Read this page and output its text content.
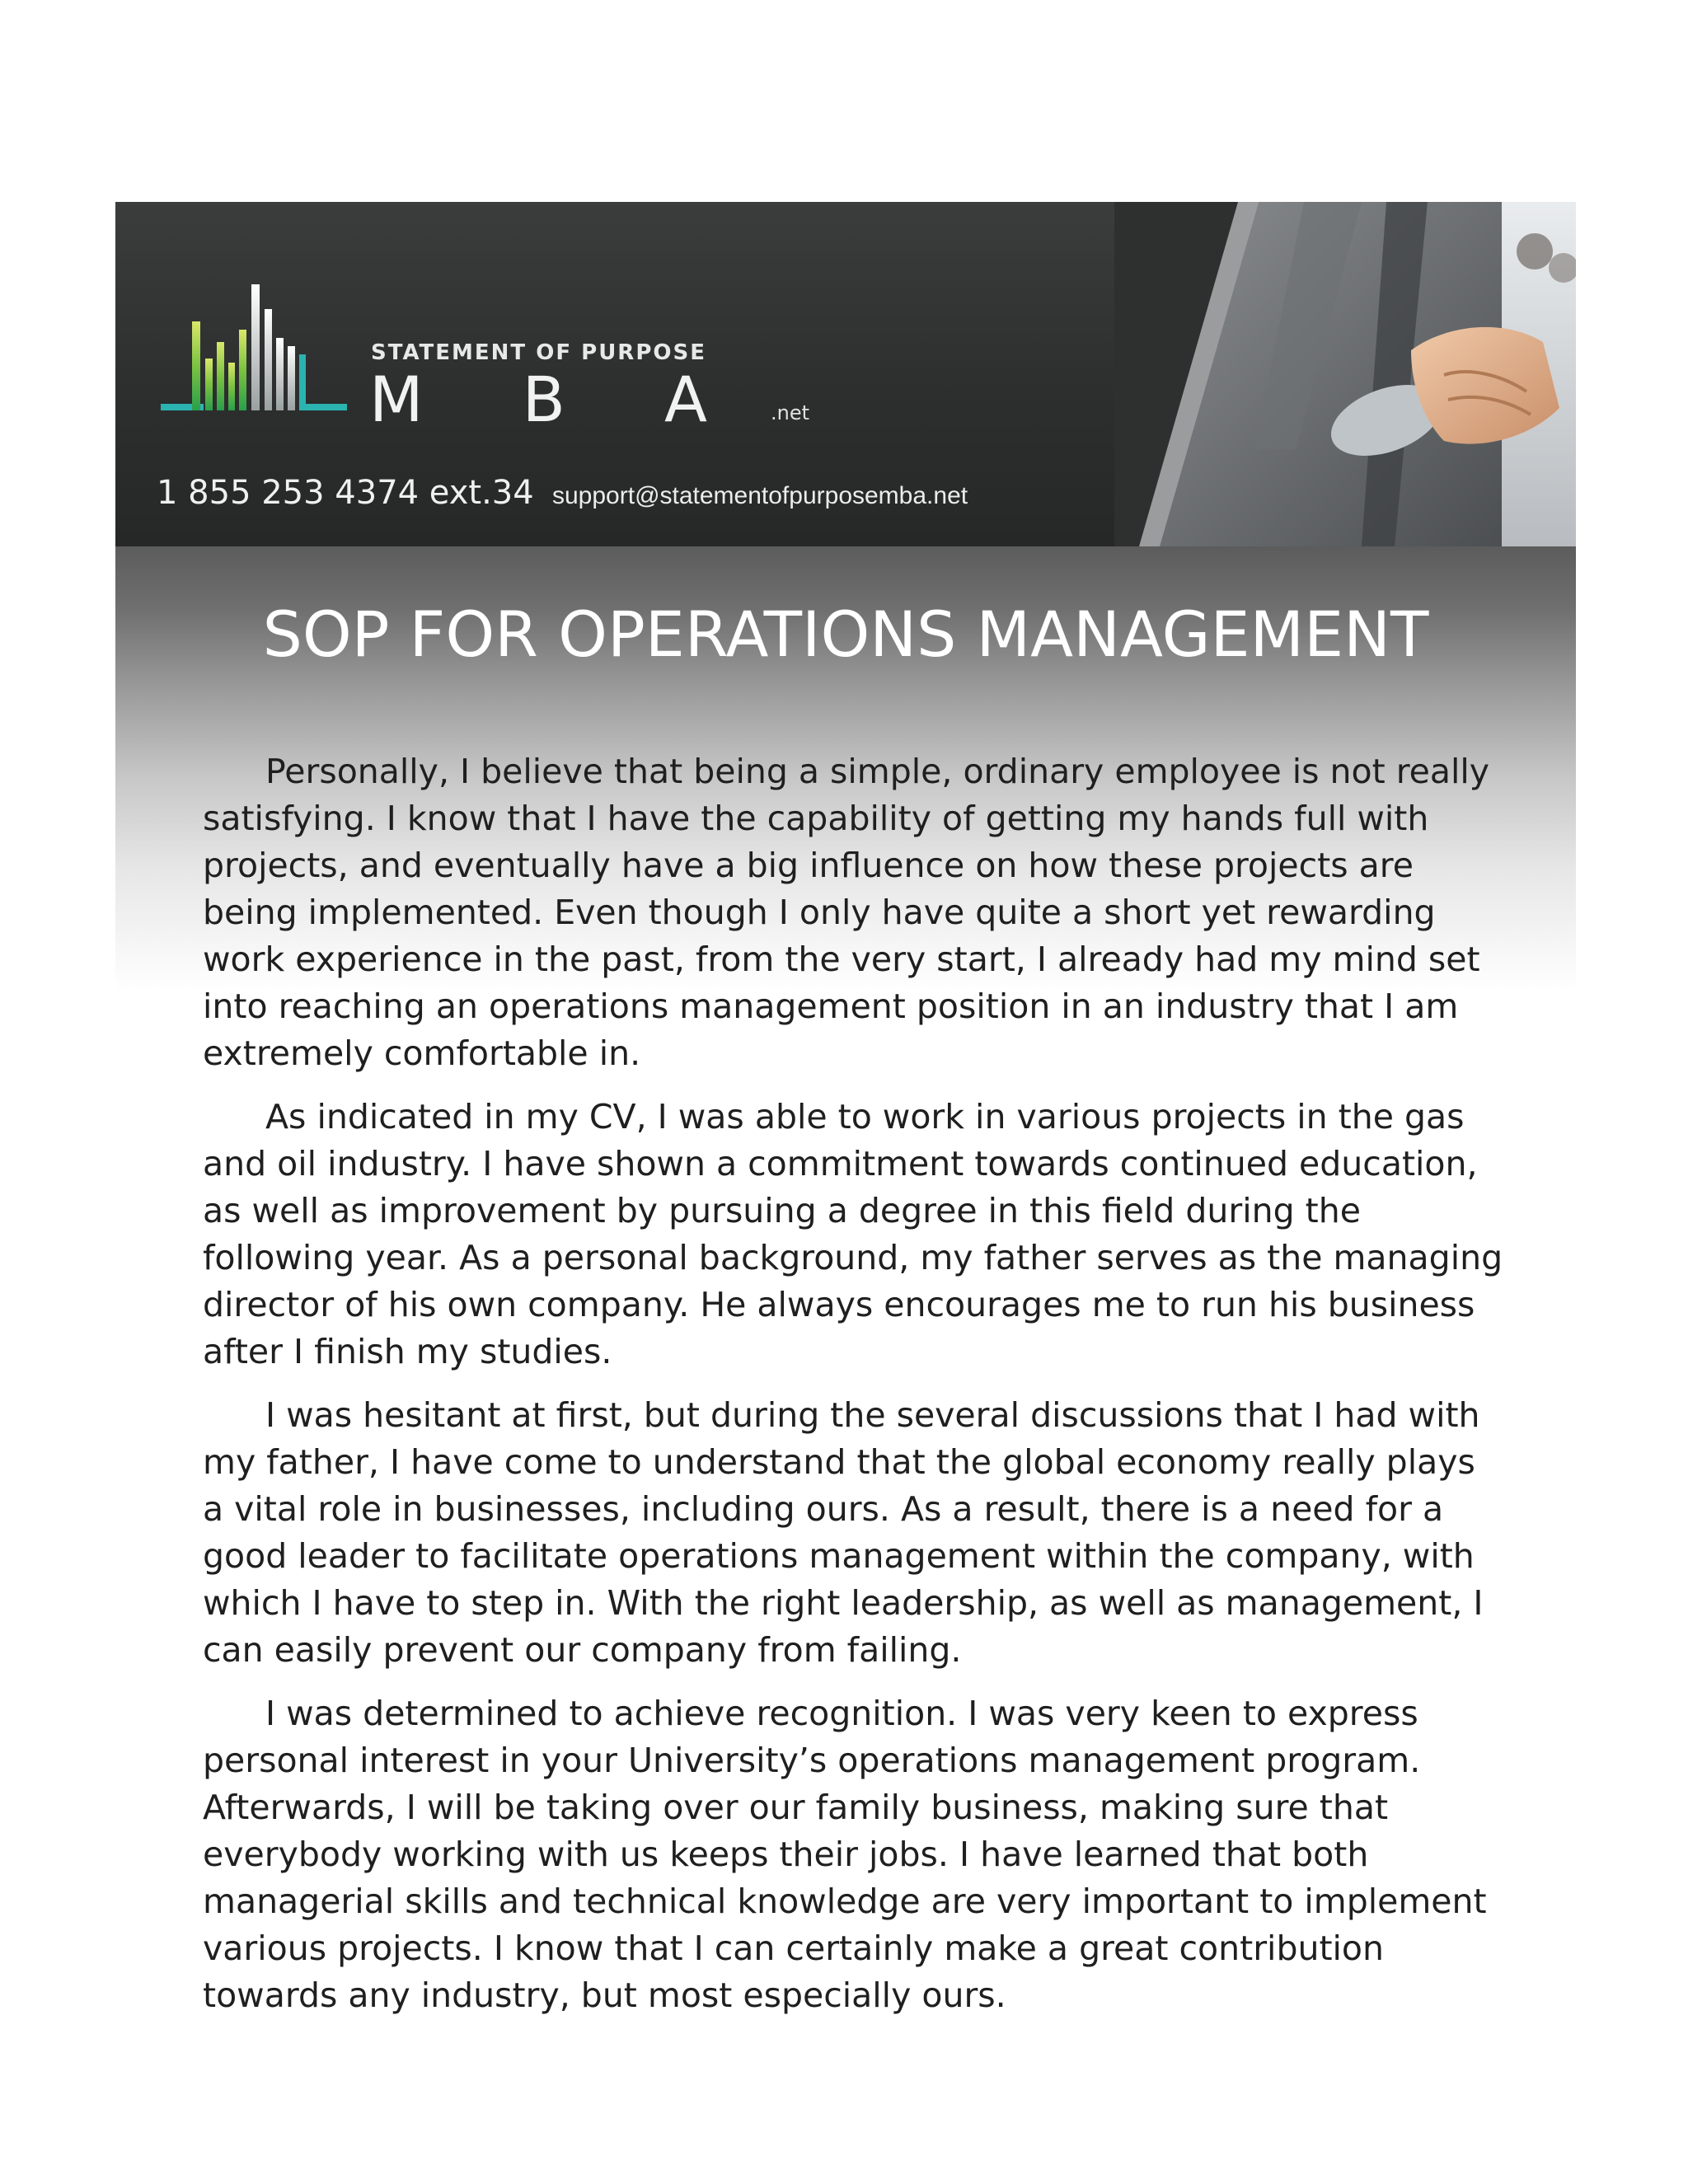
STATEMENT OF PURPOSE
M B A .net
1 855 253 4374 ext.34 support@statementofpurposemba.net
SOP FOR OPERATIONS MANAGEMENT

Personally, I believe that being a simple, ordinary employee is not really satisfying. I know that I have the capability of getting my hands full with projects, and eventually have a big influence on how these projects are being implemented. Even though I only have quite a short yet rewarding work experience in the past, from the very start, I already had my mind set into reaching an operations management position in an industry that I am extremely comfortable in.

As indicated in my CV, I was able to work in various projects in the gas and oil industry. I have shown a commitment towards continued education, as well as improvement by pursuing a degree in this field during the following year. As a personal background, my father serves as the managing director of his own company. He always encourages me to run his business after I finish my studies.

I was hesitant at first, but during the several discussions that I had with my father, I have come to understand that the global economy really plays a vital role in businesses, including ours. As a result, there is a need for a good leader to facilitate operations management within the company, with which I have to step in. With the right leadership, as well as management, I can easily prevent our company from failing.

I was determined to achieve recognition. I was very keen to express personal interest in your University’s operations management program. Afterwards, I will be taking over our family business, making sure that everybody working with us keeps their jobs. I have learned that both managerial skills and technical knowledge are very important to implement various projects. I know that I can certainly make a great contribution towards any industry, but most especially ours.
